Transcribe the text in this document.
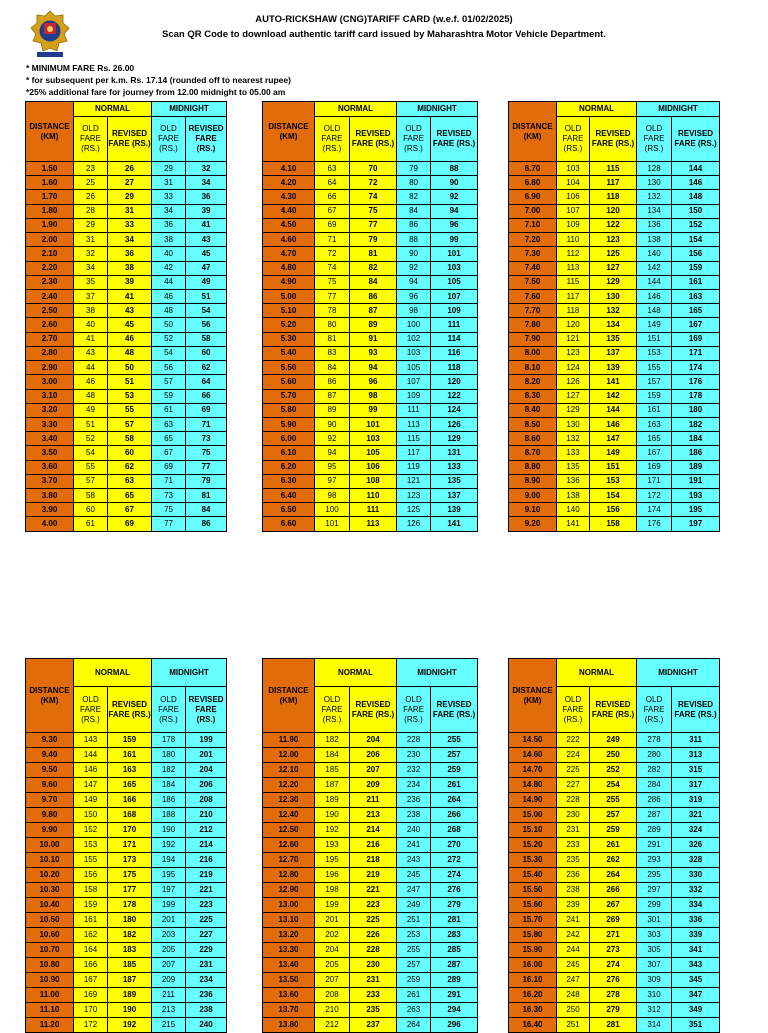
AUTO-RICKSHAW (CNG)TARIFF CARD (w.e.f. 01/02/2025)
Scan QR Code to download authentic tariff card issued by Maharashtra Motor Vehicle Department.
* MINIMUM FARE Rs. 26.00
* for subsequent per k.m. Rs. 17.14 (rounded off to nearest rupee)
*25% additional fare for journey from 12.00 midnight to 05.00 am
DISTANCE (KM)	NORMAL		MIDNIGHT	
	OLD FARE (RS.)	REVISED FARE (RS.)	OLD FARE (RS.)	REVISED FARE (RS.)
1.50	23	26	29	32
1.60	25	27	31	34
1.70	26	29	33	36
1.80	28	31	34	39
1.90	29	33	36	41
2.00	31	34	38	43
2.10	32	36	40	45
2.20	34	38	42	47
2.30	35	39	44	49
2.40	37	41	46	51
2.50	38	43	48	54
2.60	40	45	50	56
2.70	41	46	52	58
2.80	43	48	54	60
2.90	44	50	56	62
3.00	46	51	57	64
3.10	48	53	59	66
3.20	49	55	61	69
3.30	51	57	63	71
3.40	52	58	65	73
3.50	54	60	67	75
3.60	55	62	69	77
3.70	57	63	71	79
3.80	58	65	73	81
3.90	60	67	75	84
4.00	61	69	77	86
DISTANCE (KM)	NORMAL		MIDNIGHT	
	OLD FARE (RS.)	REVISED FARE (RS.)	OLD FARE (RS.)	REVISED FARE (RS.)
4.10	63	70	79	88
4.20	64	72	80	90
4.30	66	74	82	92
4.40	67	75	84	94
4.50	69	77	86	96
4.60	71	79	88	99
4.70	72	81	90	101
4.80	74	82	92	103
4.90	75	84	94	105
5.00	77	86	96	107
5.10	78	87	98	109
5.20	80	89	100	111
5.30	81	91	102	114
5.40	83	93	103	116
5.50	84	94	105	118
5.60	86	96	107	120
5.70	87	98	109	122
5.80	89	99	111	124
5.90	90	101	113	126
6.00	92	103	115	129
6.10	94	105	117	131
6.20	95	106	119	133
6.30	97	108	121	135
6.40	98	110	123	137
6.50	100	111	125	139
6.60	101	113	126	141
DISTANCE (KM)	NORMAL		MIDNIGHT	
	OLD FARE (RS.)	REVISED FARE (RS.)	OLD FARE (RS.)	REVISED FARE (RS.)
6.70	103	115	128	144
6.80	104	117	130	146
6.90	106	118	132	148
7.00	107	120	134	150
7.10	109	122	136	152
7.20	110	123	138	154
7.30	112	125	140	156
7.40	113	127	142	159
7.50	115	129	144	161
7.60	117	130	146	163
7.70	118	132	148	165
7.80	120	134	149	167
7.90	121	135	151	169
8.00	123	137	153	171
8.10	124	139	155	174
8.20	126	141	157	176
8.30	127	142	159	178
8.40	129	144	161	180
8.50	130	146	163	182
8.60	132	147	165	184
8.70	133	149	167	186
8.80	135	151	169	189
8.90	136	153	171	191
9.00	138	154	172	193
9.10	140	156	174	195
9.20	141	158	176	197
DISTANCE (KM)	NORMAL		MIDNIGHT	
	OLD FARE (RS.)	REVISED FARE (RS.)	OLD FARE (RS.)	REVISED FARE (RS.)
9.30	143	159	178	199
9.40	144	161	180	201
9.50	146	163	182	204
9.60	147	165	184	206
9.70	149	166	186	208
9.80	150	168	188	210
9.90	152	170	190	212
10.00	153	171	192	214
10.10	155	173	194	216
10.20	156	175	195	219
10.30	158	177	197	221
10.40	159	178	199	223
10.50	161	180	201	225
10.60	162	182	203	227
10.70	164	183	205	229
10.80	166	185	207	231
10.90	167	187	209	234
11.00	169	189	211	236
11.10	170	190	213	238
11.20	172	192	215	240
DISTANCE (KM)	NORMAL		MIDNIGHT	
	OLD FARE (RS.)	REVISED FARE (RS.)	OLD FARE (RS.)	REVISED FARE (RS.)
11.90	182	204	228	255
12.00	184	206	230	257
12.10	185	207	232	259
12.20	187	209	234	261
12.30	189	211	236	264
12.40	190	213	238	266
12.50	192	214	240	268
12.60	193	216	241	270
12.70	195	218	243	272
12.80	196	219	245	274
12.90	198	221	247	276
13.00	199	223	249	279
13.10	201	225	251	281
13.20	202	226	253	283
13.30	204	228	255	285
13.40	205	230	257	287
13.50	207	231	259	289
13.60	208	233	261	291
13.70	210	235	263	294
13.80	212	237	264	296
DISTANCE (KM)	NORMAL		MIDNIGHT	
	OLD FARE (RS.)	REVISED FARE (RS.)	OLD FARE (RS.)	REVISED FARE (RS.)
14.50	222	249	278	311
14.60	224	250	280	313
14.70	225	252	282	315
14.80	227	254	284	317
14.90	228	255	286	319
15.00	230	257	287	321
15.10	231	259	289	324
15.20	233	261	291	326
15.30	235	262	293	328
15.40	236	264	295	330
15.50	238	266	297	332
15.60	239	267	299	334
15.70	241	269	301	336
15.80	242	271	303	339
15.90	244	273	305	341
16.00	245	274	307	343
16.10	247	276	309	345
16.20	248	278	310	347
16.30	250	279	312	349
16.40	251	281	314	351
